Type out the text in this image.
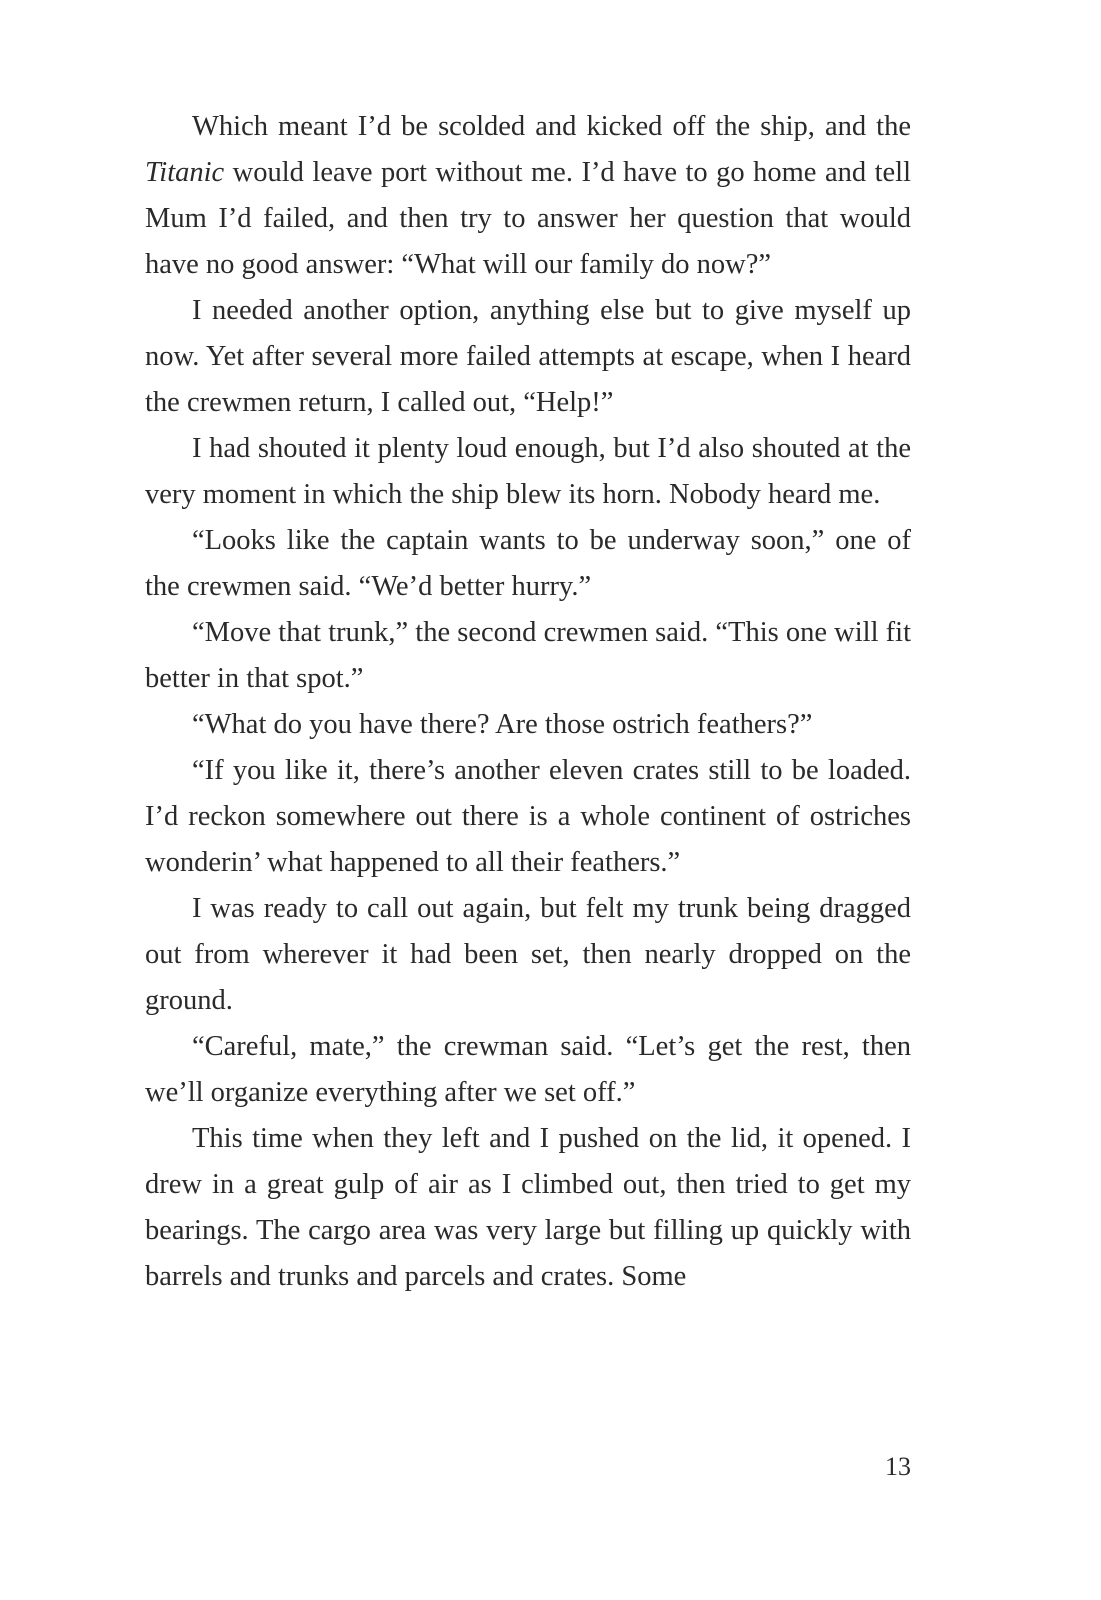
Which meant I’d be scolded and kicked off the ship, and the Titanic would leave port without me. I’d have to go home and tell Mum I’d failed, and then try to answer her question that would have no good answer: “What will our family do now?”

I needed another option, anything else but to give myself up now. Yet after several more failed attempts at escape, when I heard the crewmen return, I called out, “Help!”

I had shouted it plenty loud enough, but I’d also shouted at the very moment in which the ship blew its horn. Nobody heard me.

“Looks like the captain wants to be underway soon,” one of the crewmen said. “We’d better hurry.”

“Move that trunk,” the second crewmen said. “This one will fit better in that spot.”

“What do you have there? Are those ostrich feathers?”

“If you like it, there’s another eleven crates still to be loaded. I’d reckon somewhere out there is a whole continent of ostriches wonderin’ what happened to all their feathers.”

I was ready to call out again, but felt my trunk being dragged out from wherever it had been set, then nearly dropped on the ground.

“Careful, mate,” the crewman said. “Let’s get the rest, then we’ll organize everything after we set off.”

This time when they left and I pushed on the lid, it opened. I drew in a great gulp of air as I climbed out, then tried to get my bearings. The cargo area was very large but filling up quickly with barrels and trunks and parcels and crates. Some

13
